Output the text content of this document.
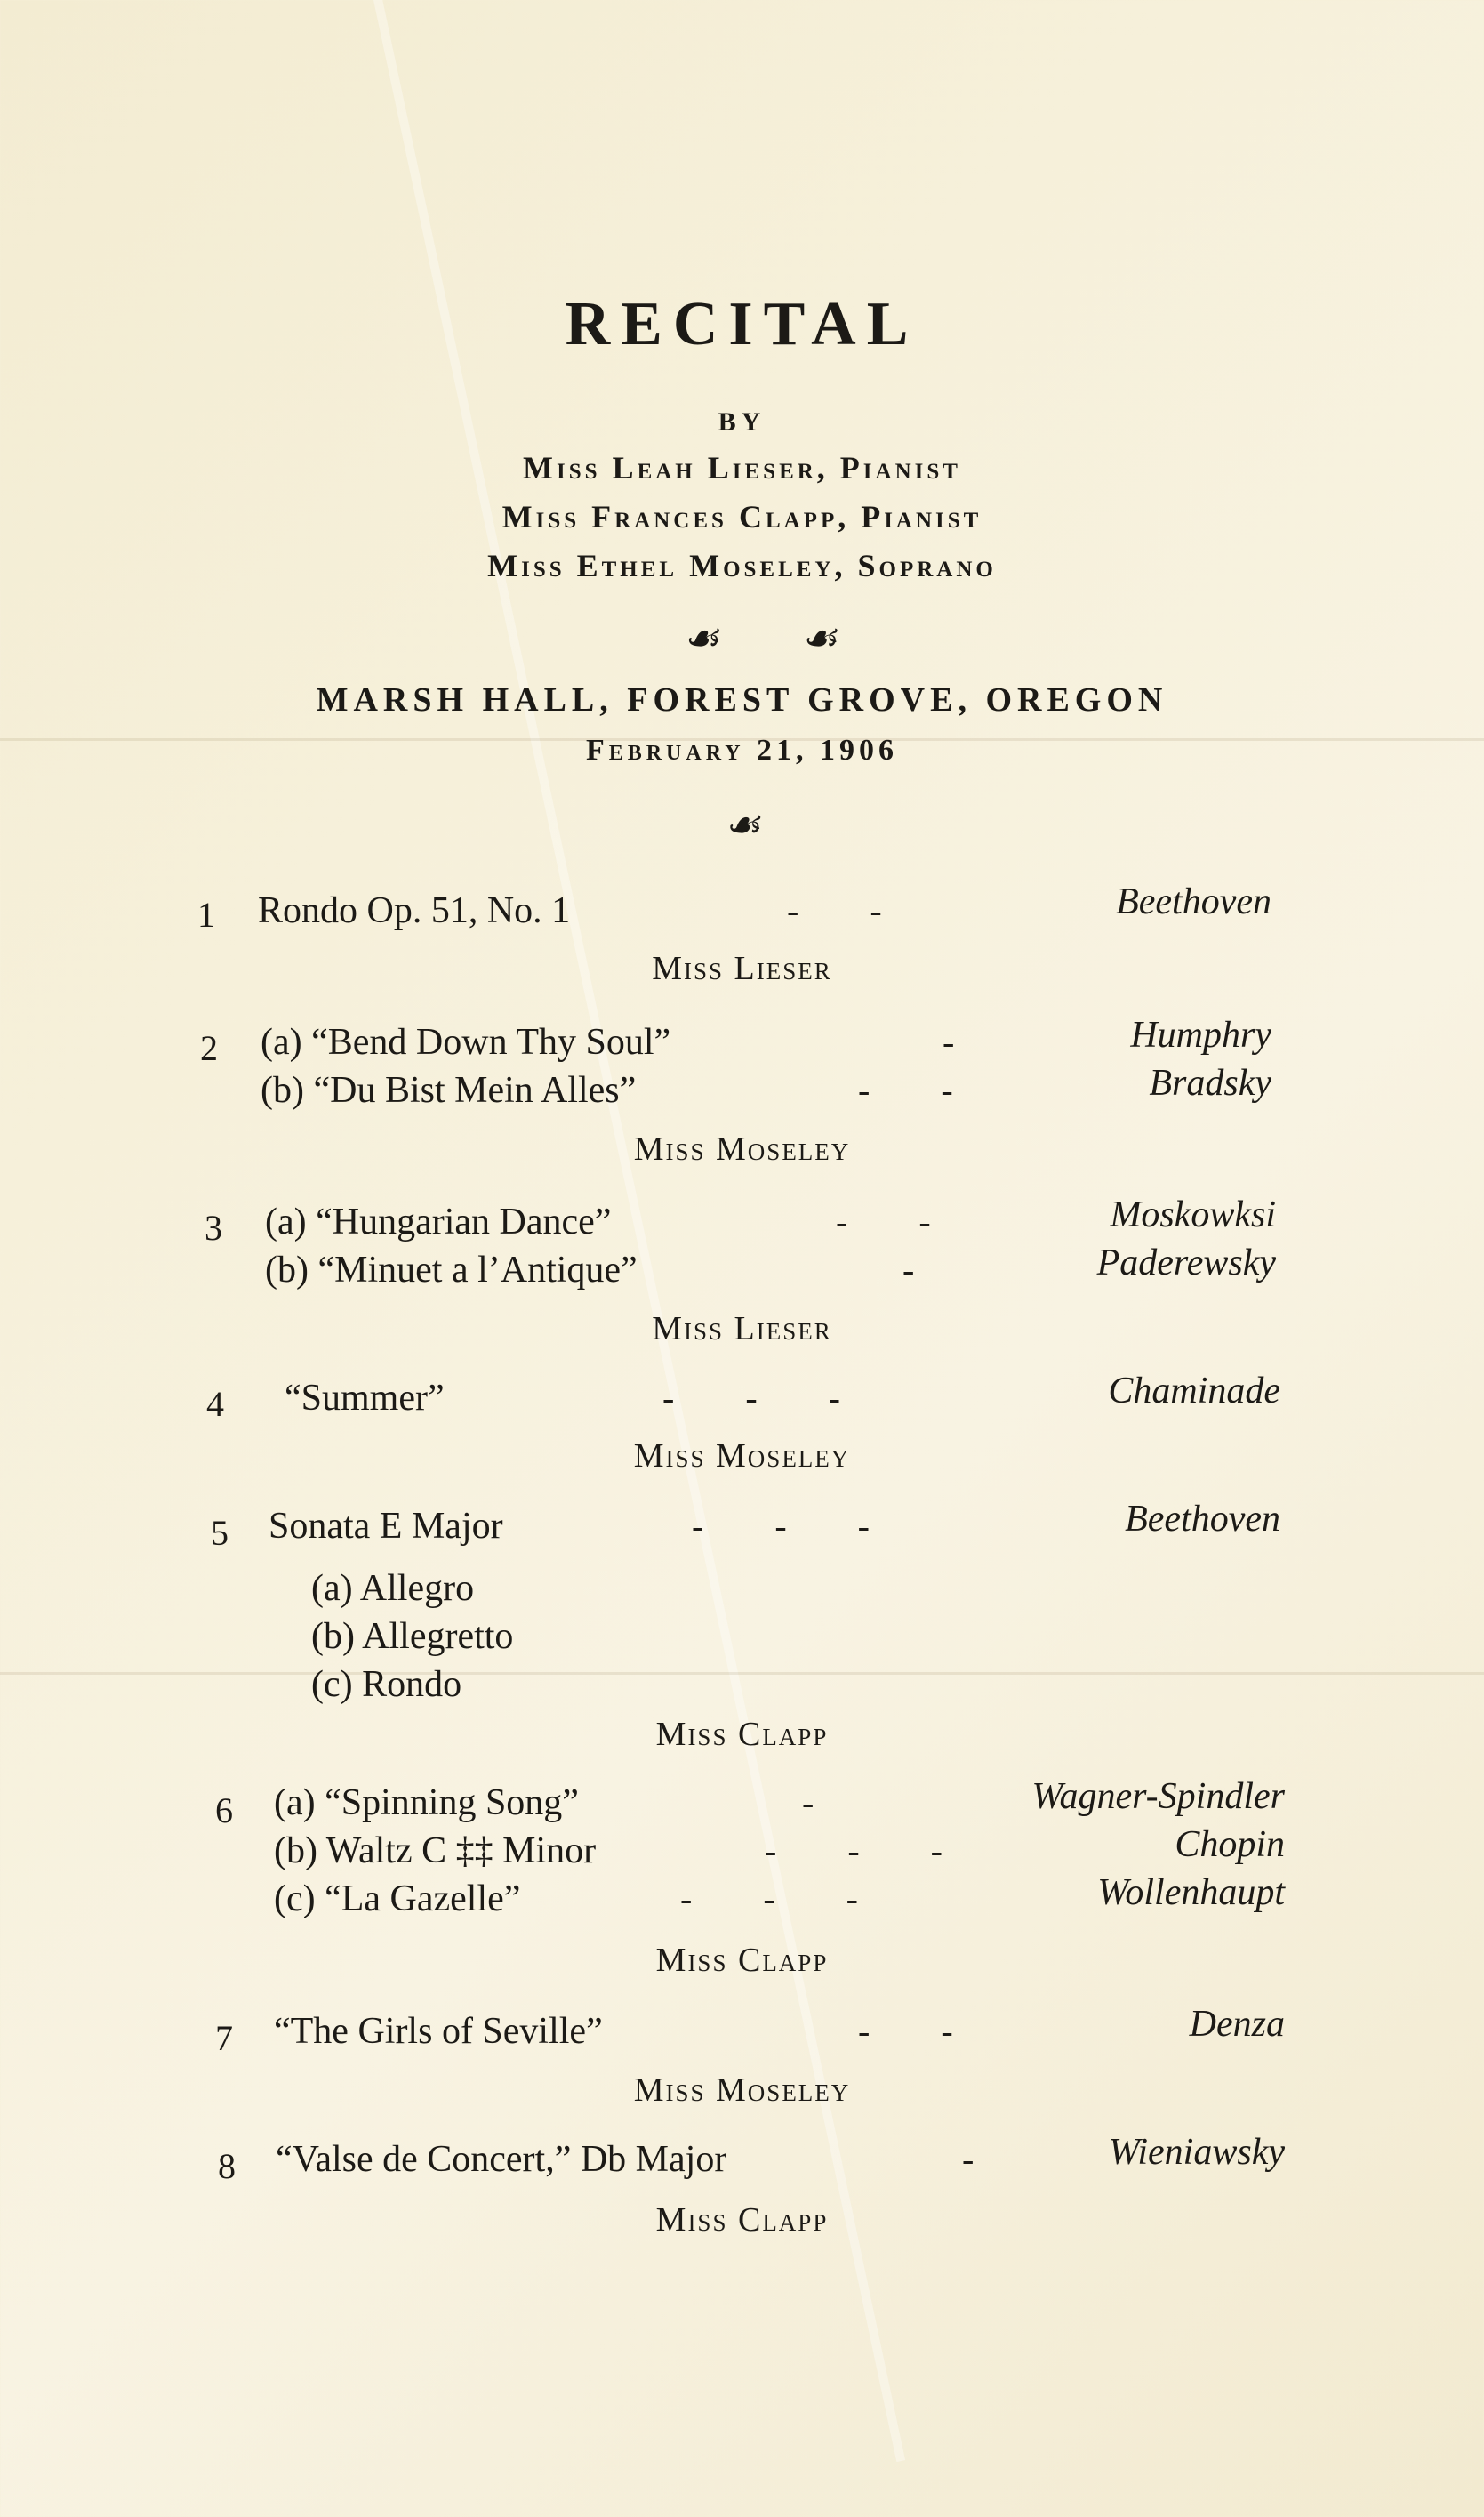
RECITAL
BY
Miss Leah Lieser, Pianist
Miss Frances Clapp, Pianist
Miss Ethel Moseley, Soprano
☙ ☙
MARSH HALL, FOREST GROVE, OREGON
February 21, 1906
☙
1 Rondo Op. 51, No. 1	-        -	Beethoven
Miss Lieser
2 (a) “Bend Down Thy Soul”	-	Humphry
(b) “Du Bist Mein Alles”	-        -	Bradsky
Miss Moseley
3 (a) “Hungarian Dance”	-        -	Moskowksi
(b) “Minuet a l’Antique”	-	Paderewsky
Miss Lieser
4 “Summer”	-        -        -	Chaminade
Miss Moseley
5 Sonata E Major	-        -        -	Beethoven
(a) Allegro
(b) Allegretto
(c) Rondo
Miss Clapp
6 (a) “Spinning Song”	-	Wagner-Spindler
(b) Waltz C ‡‡ Minor	-        -        -	Chopin
(c) “La Gazelle”	-        -        -	Wollenhaupt
Miss Clapp
7 “The Girls of Seville”	-        -	Denza
Miss Moseley
8 “Valse de Concert,” Db Major	-	Wieniawsky
Miss Clapp
